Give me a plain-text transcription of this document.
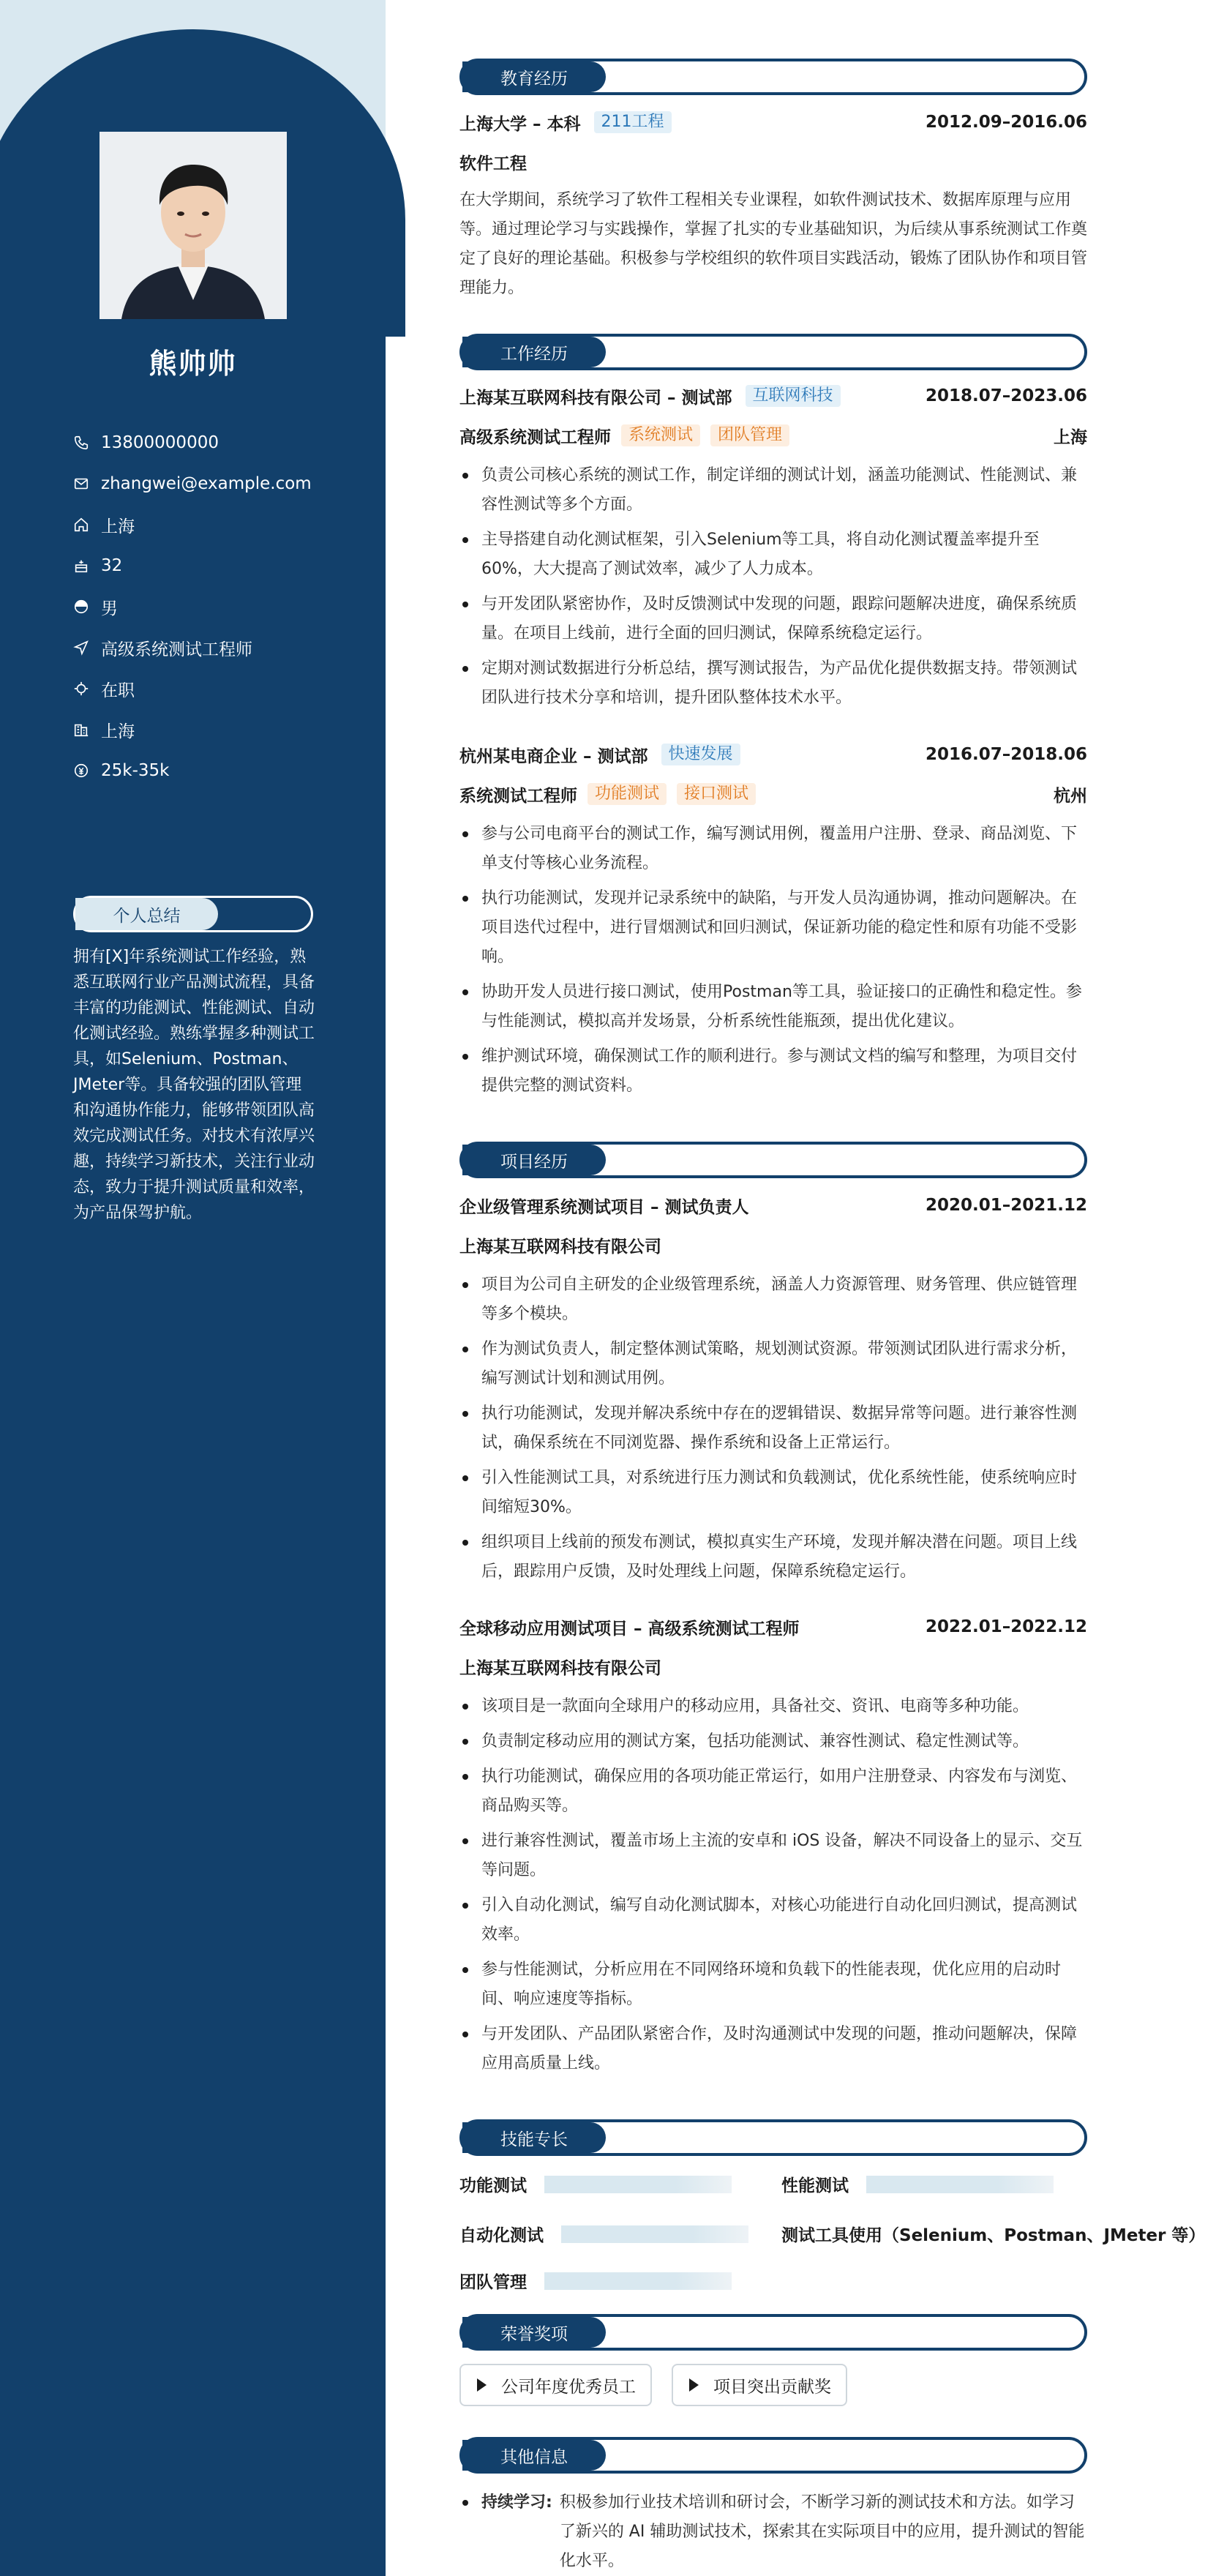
熊帅帅
13800000000
zhangwei@example.com
上海
32
男
高级系统测试工程师
在职
上海
25k-35k
个人总结
拥有[X]年系统测试工作经验，熟悉互联网行业产品测试流程，具备丰富的功能测试、性能测试、自动化测试经验。熟练掌握多种测试工具，如Selenium、Postman、JMeter等。具备较强的团队管理和沟通协作能力，能够带领团队高效完成测试任务。对技术有浓厚兴趣，持续学习新技术，关注行业动态，致力于提升测试质量和效率，为产品保驾护航。
教育经历
上海大学 – 本科	211工程	2012.09–2016.06
软件工程
在大学期间，系统学习了软件工程相关专业课程，如软件测试技术、数据库原理与应用等。通过理论学习与实践操作，掌握了扎实的专业基础知识，为后续从事系统测试工作奠定了良好的理论基础。积极参与学校组织的软件项目实践活动，锻炼了团队协作和项目管理能力。
工作经历
上海某互联网科技有限公司 – 测试部	互联网科技	2018.07–2023.06
高级系统测试工程师	系统测试	团队管理	上海
负责公司核心系统的测试工作，制定详细的测试计划，涵盖功能测试、性能测试、兼容性测试等多个方面。
主导搭建自动化测试框架，引入Selenium等工具，将自动化测试覆盖率提升至60%，大大提高了测试效率，减少了人力成本。
与开发团队紧密协作，及时反馈测试中发现的问题，跟踪问题解决进度，确保系统质量。在项目上线前，进行全面的回归测试，保障系统稳定运行。
定期对测试数据进行分析总结，撰写测试报告，为产品优化提供数据支持。带领测试团队进行技术分享和培训，提升团队整体技术水平。
杭州某电商企业 – 测试部	快速发展	2016.07–2018.06
系统测试工程师	功能测试	接口测试	杭州
参与公司电商平台的测试工作，编写测试用例，覆盖用户注册、登录、商品浏览、下单支付等核心业务流程。
执行功能测试，发现并记录系统中的缺陷，与开发人员沟通协调，推动问题解决。在项目迭代过程中，进行冒烟测试和回归测试，保证新功能的稳定性和原有功能不受影响。
协助开发人员进行接口测试，使用Postman等工具，验证接口的正确性和稳定性。参与性能测试，模拟高并发场景，分析系统性能瓶颈，提出优化建议。
维护测试环境，确保测试工作的顺利进行。参与测试文档的编写和整理，为项目交付提供完整的测试资料。
项目经历
企业级管理系统测试项目 – 测试负责人	2020.01–2021.12
上海某互联网科技有限公司
项目为公司自主研发的企业级管理系统，涵盖人力资源管理、财务管理、供应链管理等多个模块。
作为测试负责人，制定整体测试策略，规划测试资源。带领测试团队进行需求分析，编写测试计划和测试用例。
执行功能测试，发现并解决系统中存在的逻辑错误、数据异常等问题。进行兼容性测试，确保系统在不同浏览器、操作系统和设备上正常运行。
引入性能测试工具，对系统进行压力测试和负载测试，优化系统性能，使系统响应时间缩短30%。
组织项目上线前的预发布测试，模拟真实生产环境，发现并解决潜在问题。项目上线后，跟踪用户反馈，及时处理线上问题，保障系统稳定运行。
全球移动应用测试项目 – 高级系统测试工程师	2022.01–2022.12
上海某互联网科技有限公司
该项目是一款面向全球用户的移动应用，具备社交、资讯、电商等多种功能。
负责制定移动应用的测试方案，包括功能测试、兼容性测试、稳定性测试等。
执行功能测试，确保应用的各项功能正常运行，如用户注册登录、内容发布与浏览、商品购买等。
进行兼容性测试，覆盖市场上主流的安卓和 iOS 设备，解决不同设备上的显示、交互等问题。
引入自动化测试，编写自动化测试脚本，对核心功能进行自动化回归测试，提高测试效率。
参与性能测试，分析应用在不同网络环境和负载下的性能表现，优化应用的启动时间、响应速度等指标。
与开发团队、产品团队紧密合作，及时沟通测试中发现的问题，推动问题解决，保障应用高质量上线。
技能专长
功能测试	性能测试
自动化测试	测试工具使用（Selenium、Postman、JMeter 等）
团队管理
荣誉奖项
公司年度优秀员工	项目突出贡献奖
其他信息
持续学习: 积极参加行业技术培训和研讨会，不断学习新的测试技术和方法。如学习了新兴的 AI 辅助测试技术，探索其在实际项目中的应用，提升测试的智能化水平。
